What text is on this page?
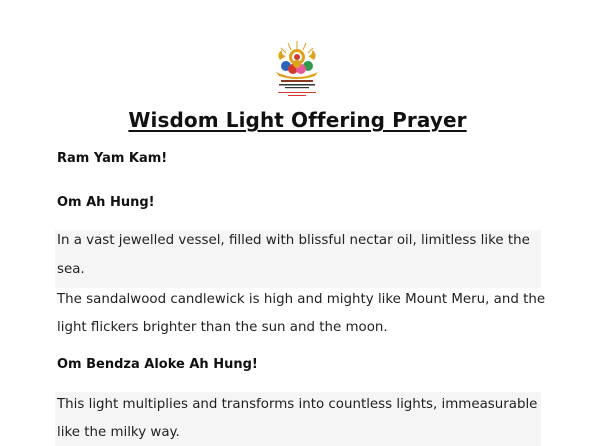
Wisdom Light Offering Prayer
Ram Yam Kam!
Om Ah Hung!
In a vast jewelled vessel, filled with blissful nectar oil, limitless like the
sea.
The sandalwood candlewick is high and mighty like Mount Meru, and the
light flickers brighter than the sun and the moon.
Om Bendza Aloke Ah Hung!
This light multiplies and transforms into countless lights, immeasurable
like the milky way.
